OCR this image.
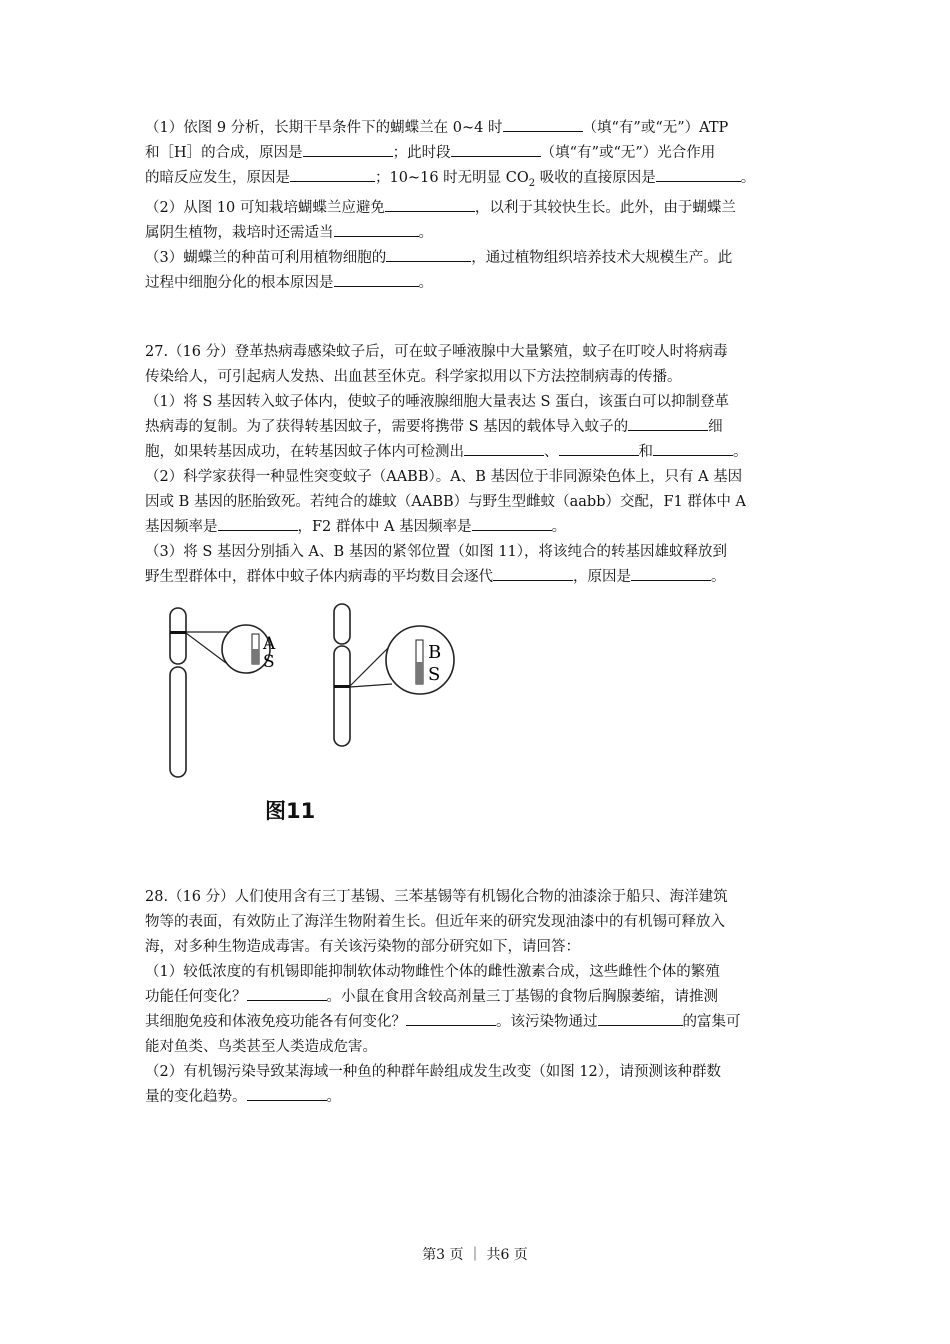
（1）依图 9 分析，长期干旱条件下的蝴蝶兰在 0~4 时	（填“有”或“无”）ATP

和［H］的合成，原因是	；此时段	（填“有”或“无”）光合作用

的暗反应发生，原因是	；10~16 时无明显 $CO_2$ 吸收的直接原因是	。

（2）从图 10 可知栽培蝴蝶兰应避免	，以利于其较快生长。此外，由于蝴蝶兰

属阴生植物，栽培时还需适当	。

（3）蝴蝶兰的种苗可利用植物细胞的	，通过植物组织培养技术大规模生产。此

过程中细胞分化的根本原因是	。

27.（16 分）登革热病毒感染蚊子后，可在蚊子唾液腺中大量繁殖，蚊子在叮咬人时将病毒

传染给人，可引起病人发热、出血甚至休克。科学家拟用以下方法控制病毒的传播。

（1）将 S 基因转入蚊子体内，使蚊子的唾液腺细胞大量表达 S 蛋白，该蛋白可以抑制登革

热病毒的复制。为了获得转基因蚊子，需要将携带 S 基因的载体导入蚊子的	细

胞，如果转基因成功，在转基因蚊子体内可检测出	、	和	。

（2）科学家获得一种显性突变蚊子（AABB）。A、B 基因位于非同源染色体上，只有 A 基因

因或 B 基因的胚胎致死。若纯合的雄蚊（AABB）与野生型雌蚊（aabb）交配，F1 群体中 A

基因频率是	，F2 群体中 A 基因频率是	。

（3）将 S 基因分别插入 A、B 基因的紧邻位置（如图 11），将该纯合的转基因雄蚊释放到

野生型群体中，群体中蚊子体内病毒的平均数目会逐代	，原因是	。

A
S	B
S
图11

28.（16 分）人们使用含有三丁基锡、三苯基锡等有机锡化合物的油漆涂于船只、海洋建筑

物等的表面，有效防止了海洋生物附着生长。但近年来的研究发现油漆中的有机锡可释放入

海，对多种生物造成毒害。有关该污染物的部分研究如下，请回答：

（1）较低浓度的有机锡即能抑制软体动物雌性个体的雌性激素合成，这些雌性个体的繁殖

功能任何变化？	。小鼠在食用含较高剂量三丁基锡的食物后胸腺萎缩，请推测

其细胞免疫和体液免疫功能各有何变化？	。该污染物通过	的富集可

能对鱼类、鸟类甚至人类造成危害。

（2）有机锡污染导致某海域一种鱼的种群年龄组成发生改变（如图 12），请预测该种群数

量的变化趋势。	。

第3 页 ｜ 共6 页
